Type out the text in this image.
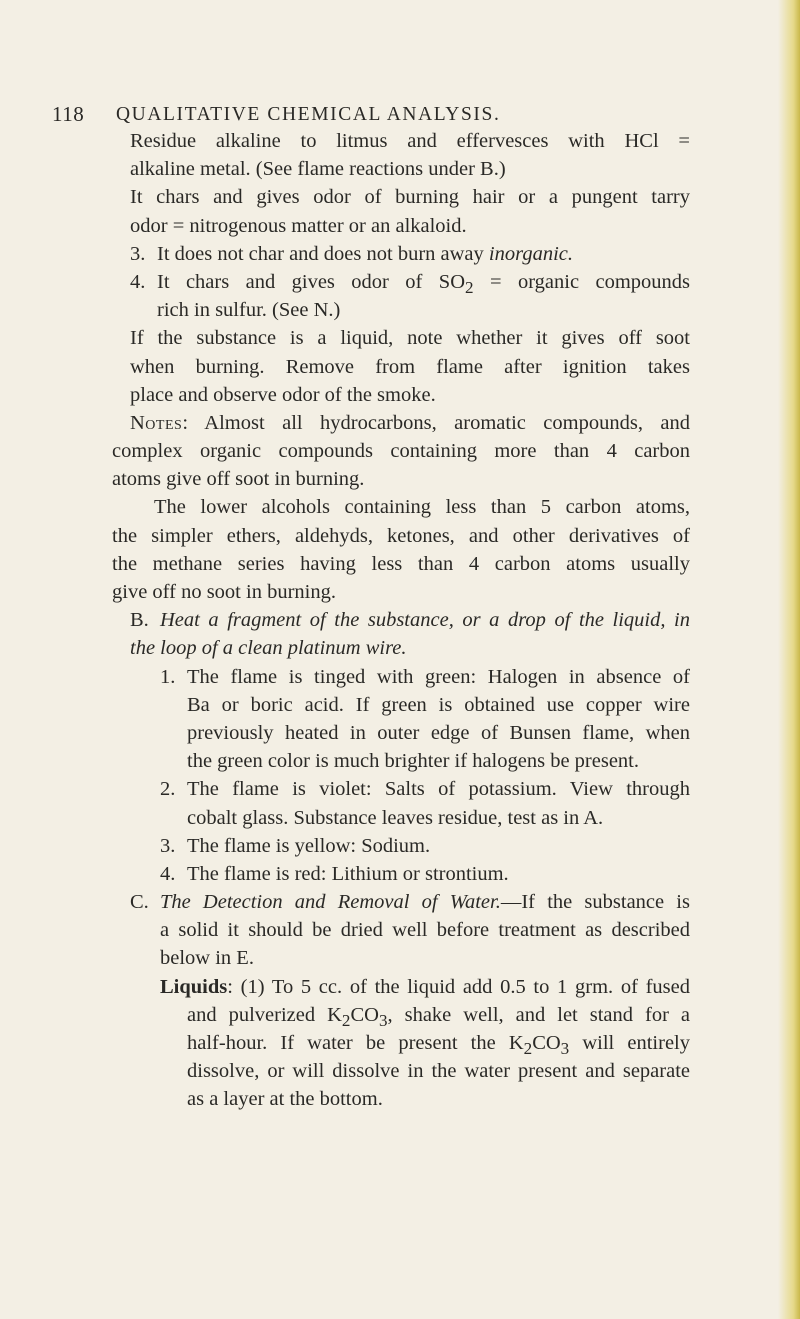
118 QUALITATIVE CHEMICAL ANALYSIS.
Residue alkaline to litmus and effervesces with HCl =
alkaline metal. (See flame reactions under B.)
It chars and gives odor of burning hair or a pungent tarry
odor = nitrogenous matter or an alkaloid.
3. It does not char and does not burn away inorganic.
4. It chars and gives odor of $SO_2$ = organic compounds
rich in sulfur. (See N.)
If the substance is a liquid, note whether it gives off soot
when burning. Remove from flame after ignition takes
place and observe odor of the smoke.
Notes: Almost all hydrocarbons, aromatic compounds, and
complex organic compounds containing more than 4 carbon
atoms give off soot in burning.
The lower alcohols containing less than 5 carbon atoms,
the simpler ethers, aldehyds, ketones, and other derivatives of
the methane series having less than 4 carbon atoms usually
give off no soot in burning.
B. Heat a fragment of the substance, or a drop of the liquid, in
the loop of a clean platinum wire.
1. The flame is tinged with green: Halogen in absence of
Ba or boric acid. If green is obtained use copper wire
previously heated in outer edge of Bunsen flame, when
the green color is much brighter if halogens be present.
2. The flame is violet: Salts of potassium. View through
cobalt glass. Substance leaves residue, test as in A.
3. The flame is yellow: Sodium.
4. The flame is red: Lithium or strontium.
C. The Detection and Removal of Water.—If the substance is
a solid it should be dried well before treatment as described
below in E.
Liquids: (1) To 5 cc. of the liquid add 0.5 to 1 grm. of fused
and pulverized $K_2CO_3$, shake well, and let stand for a
half-hour. If water be present the $K_2CO_3$ will entirely
dissolve, or will dissolve in the water present and separate
as a layer at the bottom.
